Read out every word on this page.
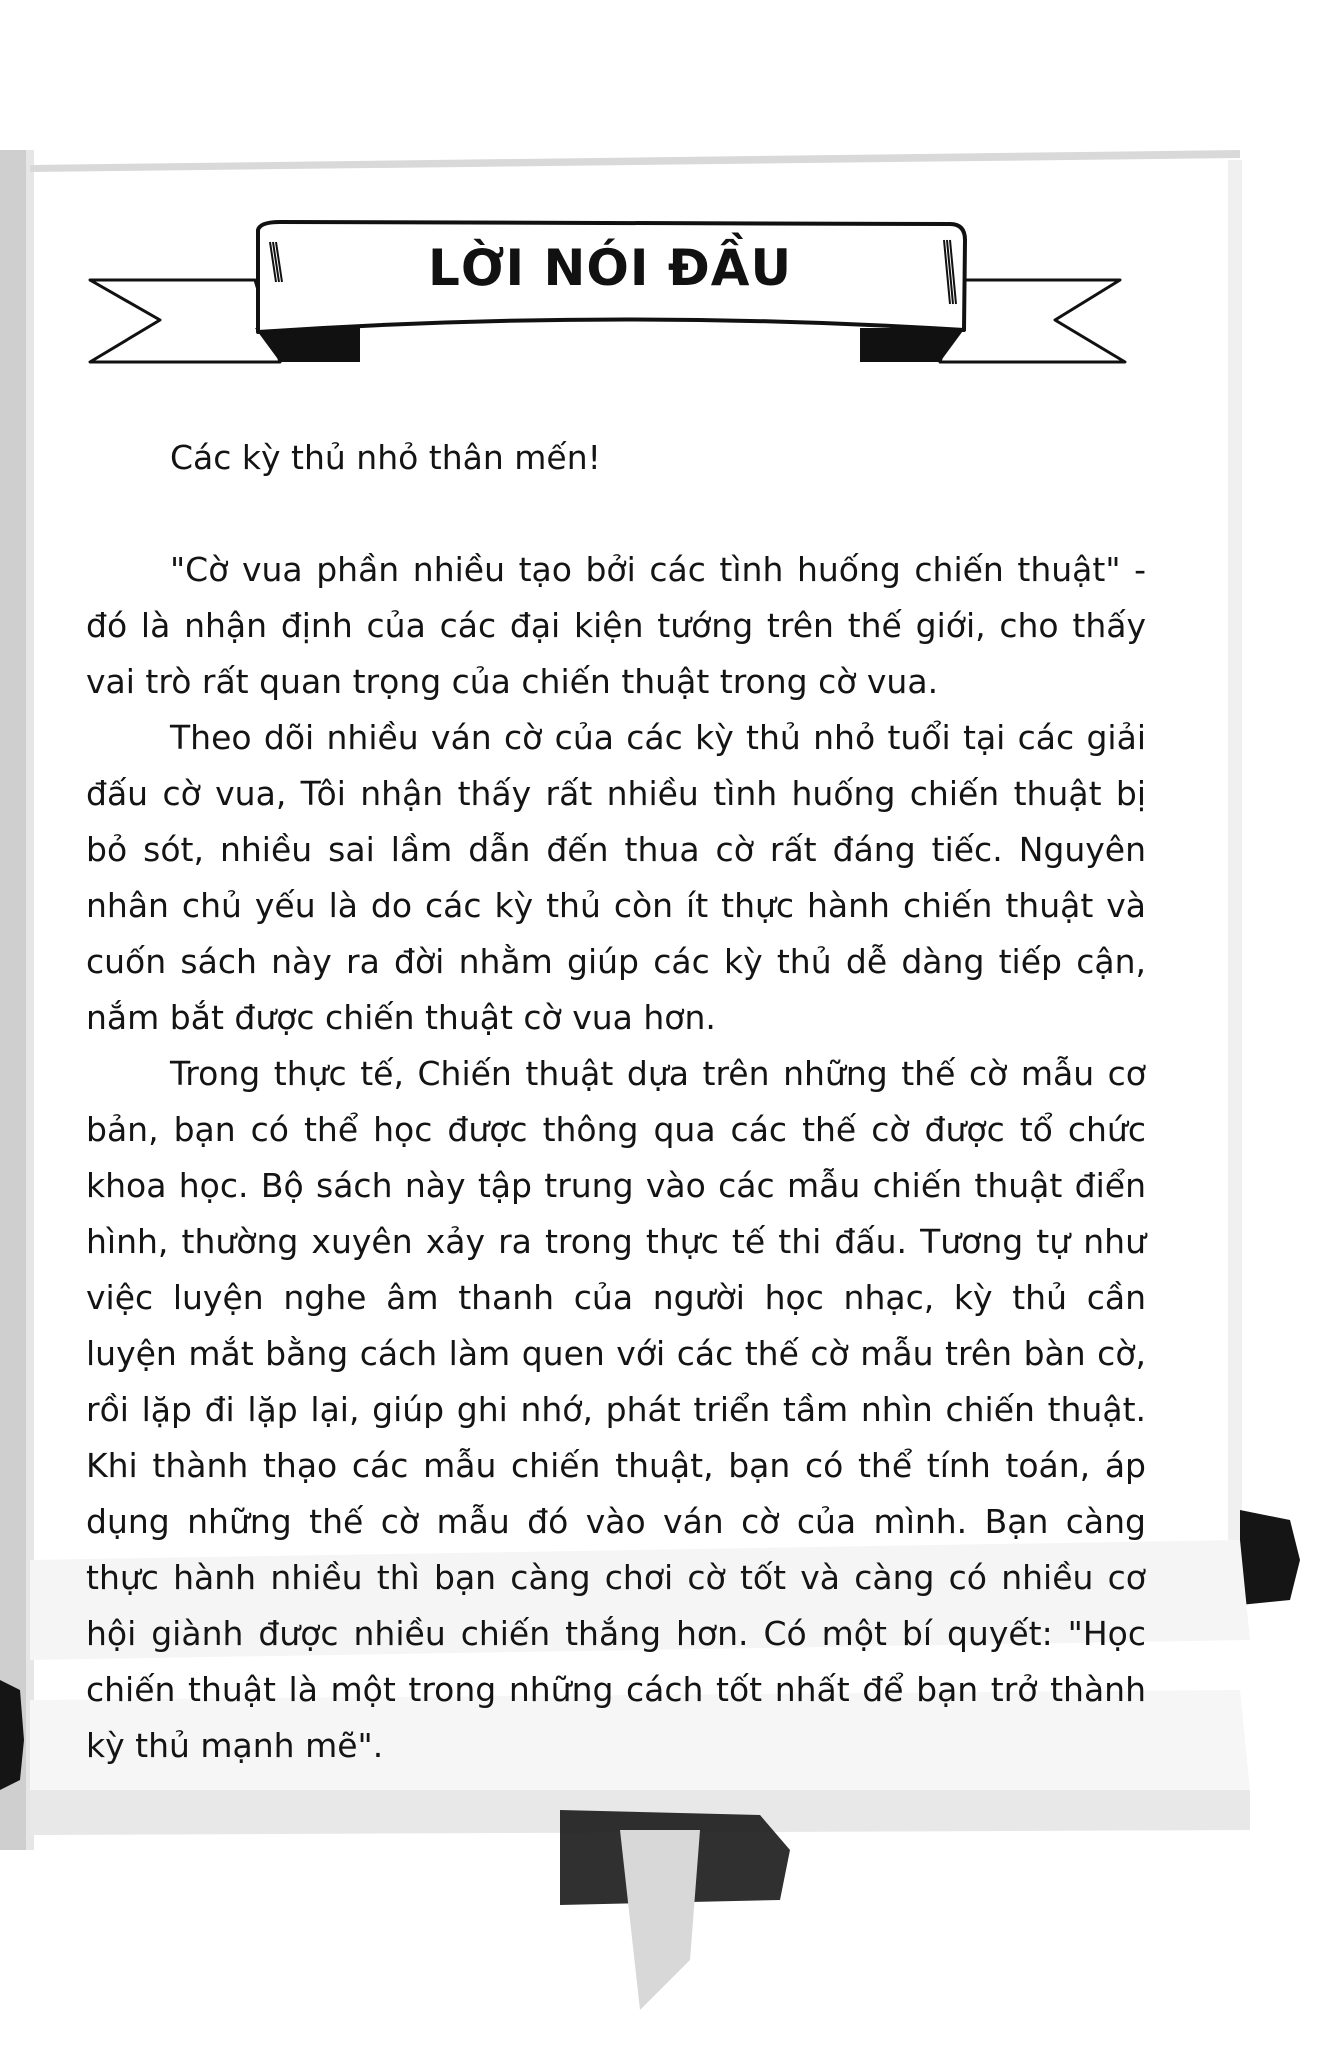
LỜI NÓI ĐẦU

Các kỳ thủ nhỏ thân mến!

"Cờ vua phần nhiều tạo bởi các tình huống chiến thuật" - đó là nhận định của các đại kiện tướng trên thế giới, cho thấy vai trò rất quan trọng của chiến thuật trong cờ vua.

Theo dõi nhiều ván cờ của các kỳ thủ nhỏ tuổi tại các giải đấu cờ vua, Tôi nhận thấy rất nhiều tình huống chiến thuật bị bỏ sót, nhiều sai lầm dẫn đến thua cờ rất đáng tiếc. Nguyên nhân chủ yếu là do các kỳ thủ còn ít thực hành chiến thuật và cuốn sách này ra đời nhằm giúp các kỳ thủ dễ dàng tiếp cận, nắm bắt được chiến thuật cờ vua hơn.

Trong thực tế, Chiến thuật dựa trên những thế cờ mẫu cơ bản, bạn có thể học được thông qua các thế cờ được tổ chức khoa học. Bộ sách này tập trung vào các mẫu chiến thuật điển hình, thường xuyên xảy ra trong thực tế thi đấu. Tương tự như việc luyện nghe âm thanh của người học nhạc, kỳ thủ cần luyện mắt bằng cách làm quen với các thế cờ mẫu trên bàn cờ, rồi lặp đi lặp lại, giúp ghi nhớ, phát triển tầm nhìn chiến thuật. Khi thành thạo các mẫu chiến thuật, bạn có thể tính toán, áp dụng những thế cờ mẫu đó vào ván cờ của mình. Bạn càng thực hành nhiều thì bạn càng chơi cờ tốt và càng có nhiều cơ hội giành được nhiều chiến thắng hơn. Có một bí quyết: "Học chiến thuật là một trong những cách tốt nhất để bạn trở thành kỳ thủ mạnh mẽ".
